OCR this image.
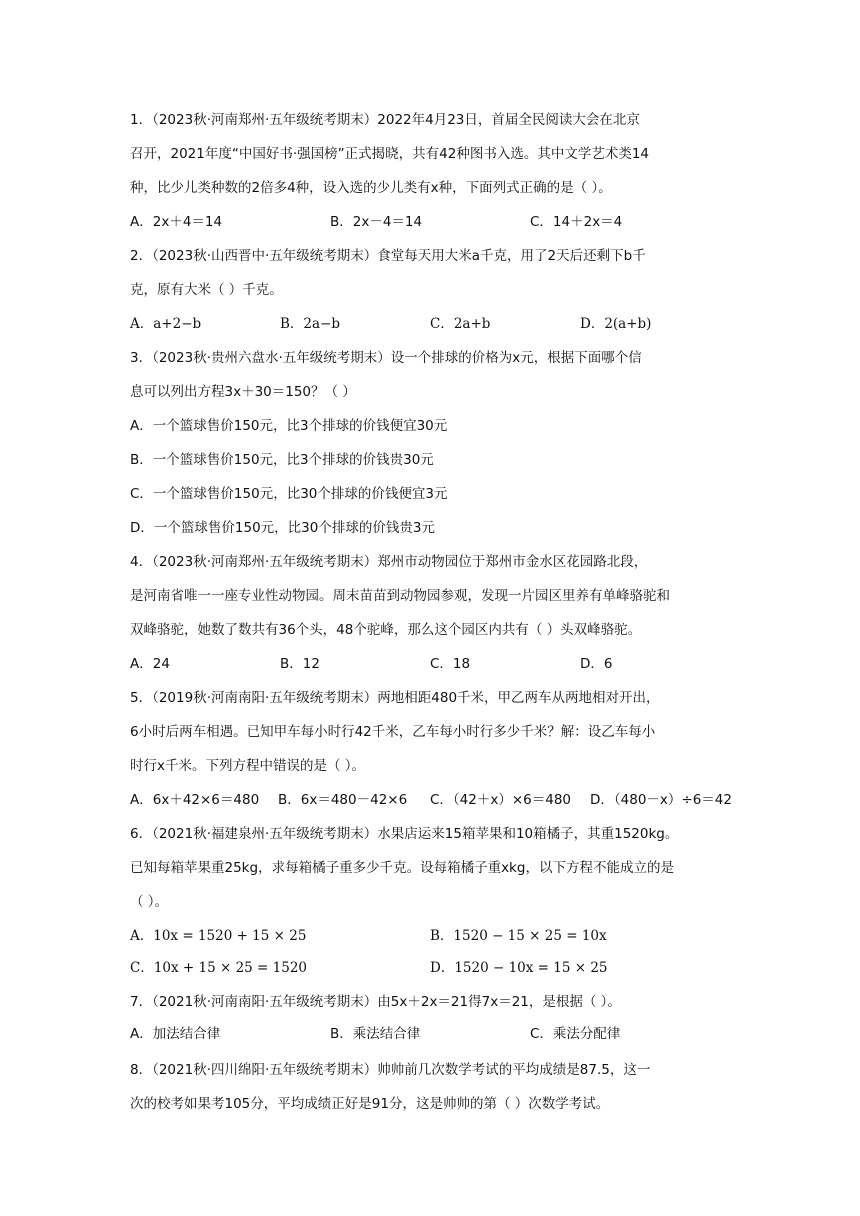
1．（2023秋·河南郑州·五年级统考期末）2022年4月23日，首届全民阅读大会在北京
召开，2021年度“中国好书·强国榜”正式揭晓，共有42种图书入选。其中文学艺术类14
种，比少儿类种数的2倍多4种，设入选的少儿类有x种，下面列式正确的是（ ）。
A．2x＋4＝14	B．2x－4＝14	C．14＋2x＝4
2．（2023秋·山西晋中·五年级统考期末）食堂每天用大米a千克，用了2天后还剩下b千
克，原有大米（ ）千克。
A．a+2−b	B．2a−b	C．2a+b	D．2(a+b)
3．（2023秋·贵州六盘水·五年级统考期末）设一个排球的价格为x元，根据下面哪个信
息可以列出方程3x＋30＝150？（ ）
A．一个篮球售价150元，比3个排球的价钱便宜30元
B．一个篮球售价150元，比3个排球的价钱贵30元
C．一个篮球售价150元，比30个排球的价钱便宜3元
D．一个篮球售价150元，比30个排球的价钱贵3元
4．（2023秋·河南郑州·五年级统考期末）郑州市动物园位于郑州市金水区花园路北段，
是河南省唯一一座专业性动物园。周末苗苗到动物园参观，发现一片园区里养有单峰骆驼和
双峰骆驼，她数了数共有36个头，48个驼峰，那么这个园区内共有（ ）头双峰骆驼。
A．24	B．12	C．18	D．6
5．（2019秋·河南南阳·五年级统考期末）两地相距480千米，甲乙两车从两地相对开出，
6小时后两车相遇。已知甲车每小时行42千米，乙车每小时行多少千米？解：设乙车每小
时行x千米。下列方程中错误的是（ ）。
A．6x＋42×6＝480 B．6x＝480－42×6 C．（42＋x）×6＝480 D．（480－x）÷6＝42
6．（2021秋·福建泉州·五年级统考期末）水果店运来15箱苹果和10箱橘子，其重1520kg。
已知每箱苹果重25kg，求每箱橘子重多少千克。设每箱橘子重xkg，以下方程不能成立的是
（ ）。
A．10x = 1520 + 15 × 25	B．1520 − 15 × 25 = 10x
C．10x + 15 × 25 = 1520	D．1520 − 10x = 15 × 25
7．（2021秋·河南南阳·五年级统考期末）由5x＋2x＝21得7x＝21，是根据（ ）。
A．加法结合律	B．乘法结合律	C．乘法分配律
8．（2021秋·四川绵阳·五年级统考期末）帅帅前几次数学考试的平均成绩是87.5，这一
次的校考如果考105分，平均成绩正好是91分，这是帅帅的第（ ）次数学考试。
